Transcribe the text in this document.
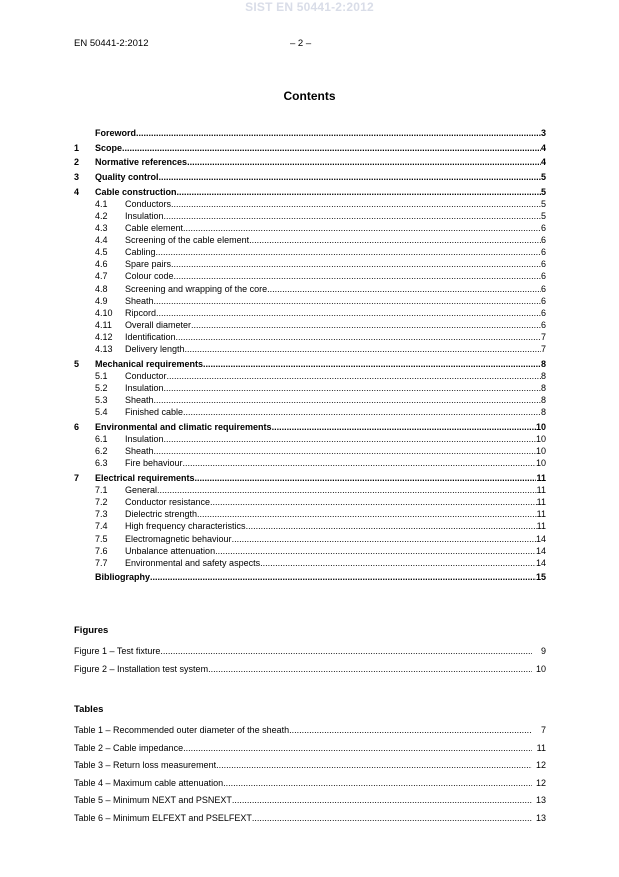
SIST EN 50441-2:2012
EN 50441-2:2012	– 2 –
Contents
Foreword .....	3
1	Scope .....	4
2	Normative references .....	4
3	Quality control .....	5
4	Cable construction .....	5
4.1	Conductors .....	5
4.2	Insulation .....	5
4.3	Cable element .....	6
4.4	Screening of the cable element .....	6
4.5	Cabling .....	6
4.6	Spare pairs .....	6
4.7	Colour code .....	6
4.8	Screening and wrapping of the core .....	6
4.9	Sheath .....	6
4.10	Ripcord .....	6
4.11	Overall diameter .....	6
4.12	Identification .....	7
4.13	Delivery length .....	7
5	Mechanical requirements .....	8
5.1	Conductor .....	8
5.2	Insulation .....	8
5.3	Sheath .....	8
5.4	Finished cable .....	8
6	Environmental and climatic requirements .....	10
6.1	Insulation .....	10
6.2	Sheath .....	10
6.3	Fire behaviour .....	10
7	Electrical requirements .....	11
7.1	General .....	11
7.2	Conductor resistance .....	11
7.3	Dielectric strength .....	11
7.4	High frequency characteristics .....	11
7.5	Electromagnetic behaviour .....	14
7.6	Unbalance attenuation .....	14
7.7	Environmental and safety aspects .....	14
Bibliography .....	15
Figures
Figure 1 – Test fixture .....	9
Figure 2 – Installation test system .....	10
Tables
Table 1 – Recommended outer diameter of the sheath .....	7
Table 2 – Cable impedance .....	11
Table 3 – Return loss measurement .....	12
Table 4 – Maximum cable attenuation .....	12
Table 5 – Minimum NEXT and PSNEXT .....	13
Table 6 – Minimum ELFEXT and PSELFEXT .....	13
